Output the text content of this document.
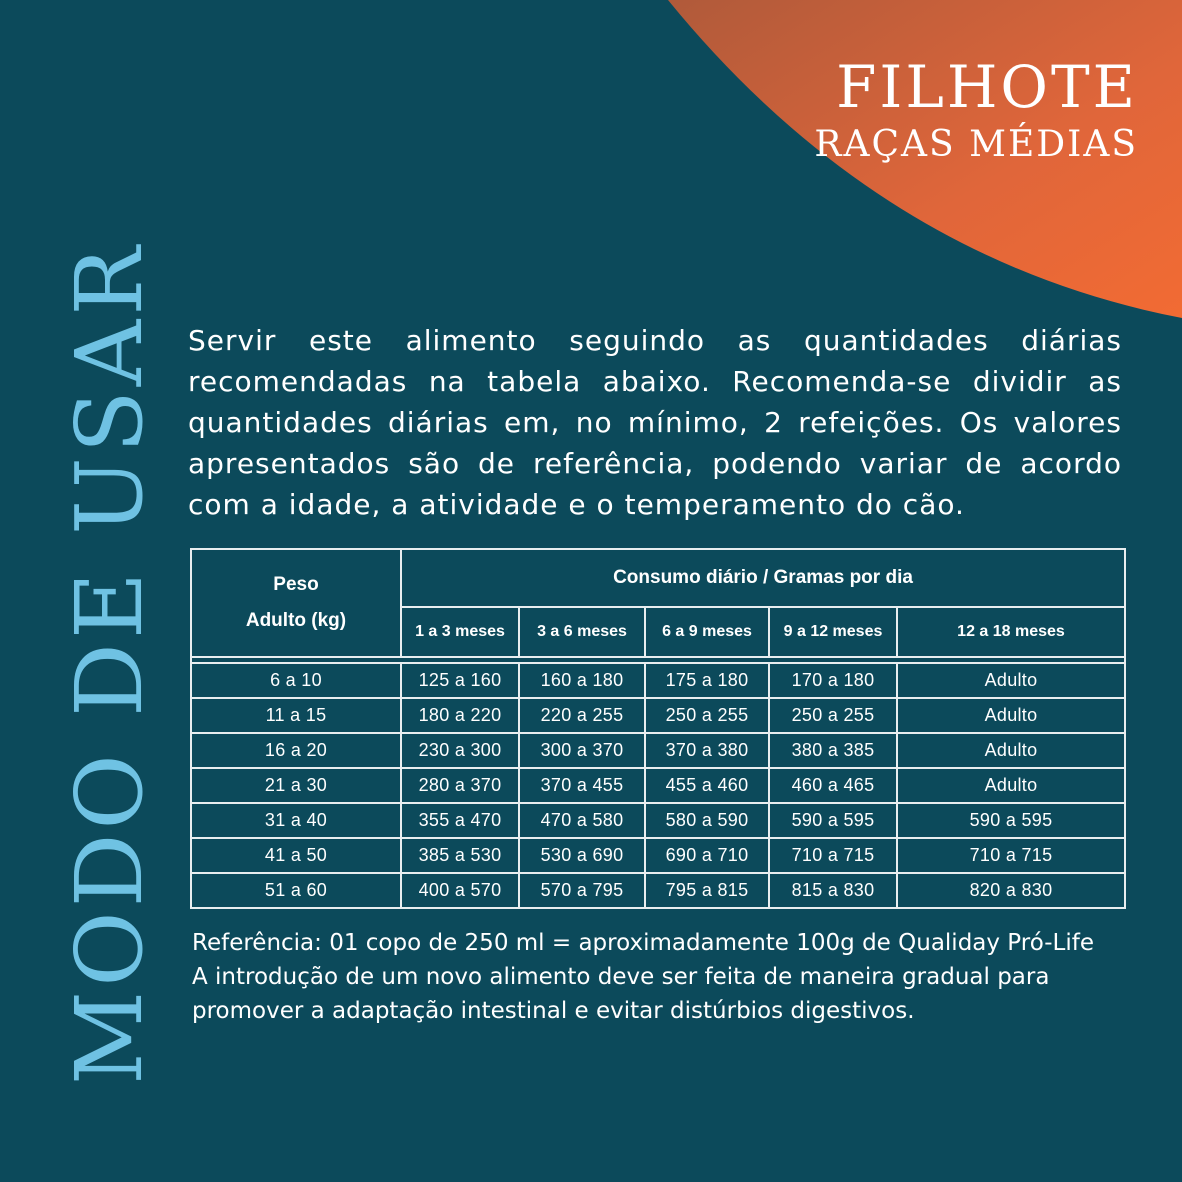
FILHOTE
RAÇAS MÉDIAS
MODO DE USAR Servir este alimento seguindo as quantidades diárias recomendadas na tabela abaixo. Recomenda-se dividir as quantidades diárias em, no mínimo, 2 refeições. Os valores apresentados são de referência, podendo variar de acordo com a idade, a atividade e o temperamento do cão.
Peso
Adulto (kg)	Consumo diário / Gramas por dia				
	1 a 3 meses	3 a 6 meses	6 a 9 meses	9 a 12 meses	12 a 18 meses

6 a 10	125 a 160	160 a 180	175 a 180	170 a 180	Adulto
11 a 15	180 a 220	220 a 255	250 a 255	250 a 255	Adulto
16 a 20	230 a 300	300 a 370	370 a 380	380 a 385	Adulto
21 a 30	280 a 370	370 a 455	455 a 460	460 a 465	Adulto
31 a 40	355 a 470	470 a 580	580 a 590	590 a 595	590 a 595
41 a 50	385 a 530	530 a 690	690 a 710	710 a 715	710 a 715
51 a 60	400 a 570	570 a 795	795 a 815	815 a 830	820 a 830
Referência: 01 copo de 250 ml = aproximadamente 100g de Qualiday Pró-Life
A introdução de um novo alimento deve ser feita de maneira gradual para
promover a adaptação intestinal e evitar distúrbios digestivos.
